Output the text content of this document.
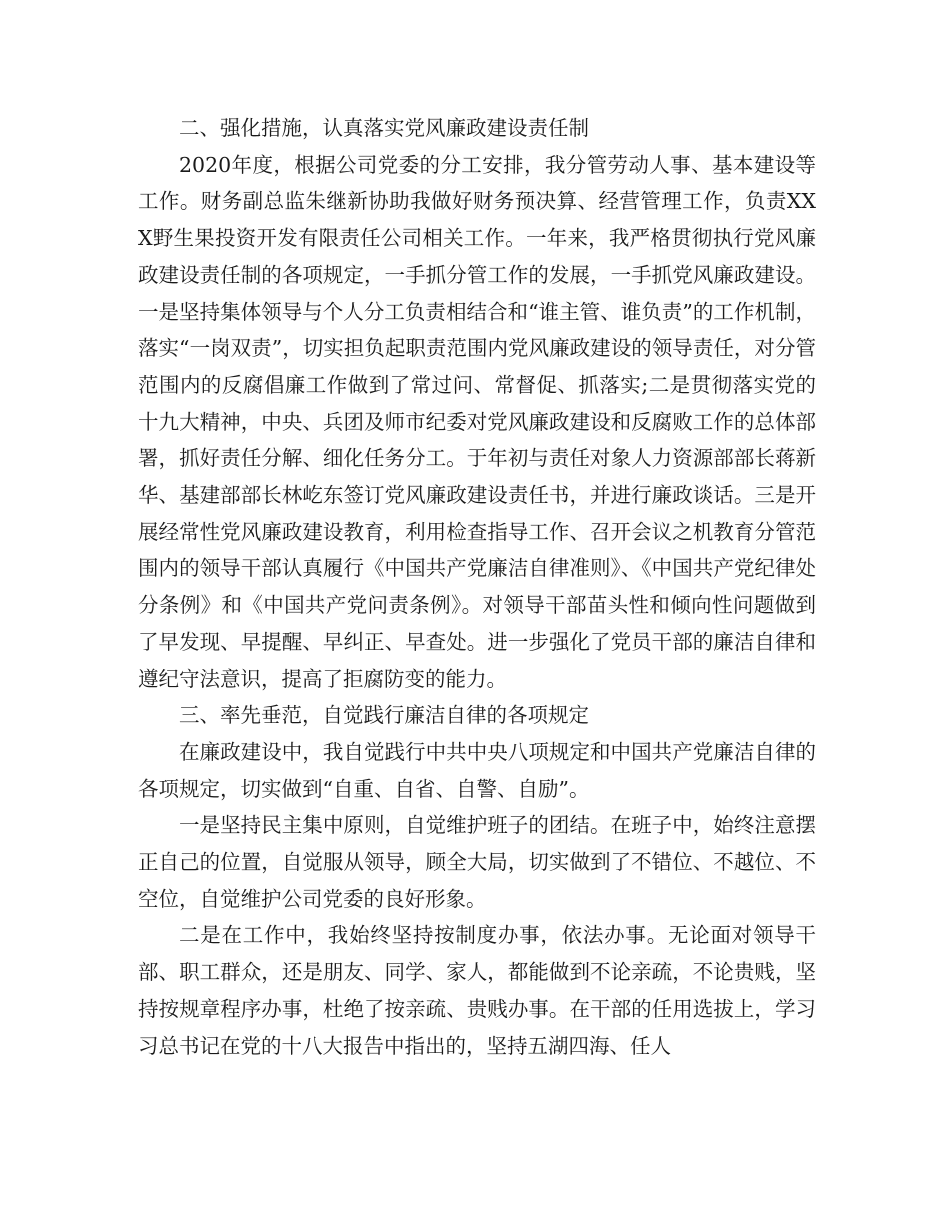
二、强化措施，认真落实党风廉政建设责任制

2020年度，根据公司党委的分工安排，我分管劳动人事、基本建设等工作。财务副总监朱继新协助我做好财务预决算、经营管理工作，负责XXX野生果投资开发有限责任公司相关工作。一年来，我严格贯彻执行党风廉政建设责任制的各项规定，一手抓分管工作的发展，一手抓党风廉政建设。一是坚持集体领导与个人分工负责相结合和“谁主管、谁负责”的工作机制，落实“一岗双责”，切实担负起职责范围内党风廉政建设的领导责任，对分管范围内的反腐倡廉工作做到了常过问、常督促、抓落实;二是贯彻落实党的十九大精神，中央、兵团及师市纪委对党风廉政建设和反腐败工作的总体部署，抓好责任分解、细化任务分工。于年初与责任对象人力资源部部长蒋新华、基建部部长林屹东签订党风廉政建设责任书，并进行廉政谈话。三是开展经常性党风廉政建设教育，利用检查指导工作、召开会议之机教育分管范围内的领导干部认真履行《中国共产党廉洁自律准则》、《中国共产党纪律处分条例》和《中国共产党问责条例》。对领导干部苗头性和倾向性问题做到了早发现、早提醒、早纠正、早查处。进一步强化了党员干部的廉洁自律和遵纪守法意识，提高了拒腐防变的能力。

三、率先垂范，自觉践行廉洁自律的各项规定

在廉政建设中，我自觉践行中共中央八项规定和中国共产党廉洁自律的各项规定，切实做到“自重、自省、自警、自励”。

一是坚持民主集中原则，自觉维护班子的团结。在班子中，始终注意摆正自己的位置，自觉服从领导，顾全大局，切实做到了不错位、不越位、不空位，自觉维护公司党委的良好形象。

二是在工作中，我始终坚持按制度办事，依法办事。无论面对领导干部、职工群众，还是朋友、同学、家人，都能做到不论亲疏，不论贵贱，坚持按规章程序办事，杜绝了按亲疏、贵贱办事。在干部的任用选拔上，学习习总书记在党的十八大报告中指出的，坚持五湖四海、任人
